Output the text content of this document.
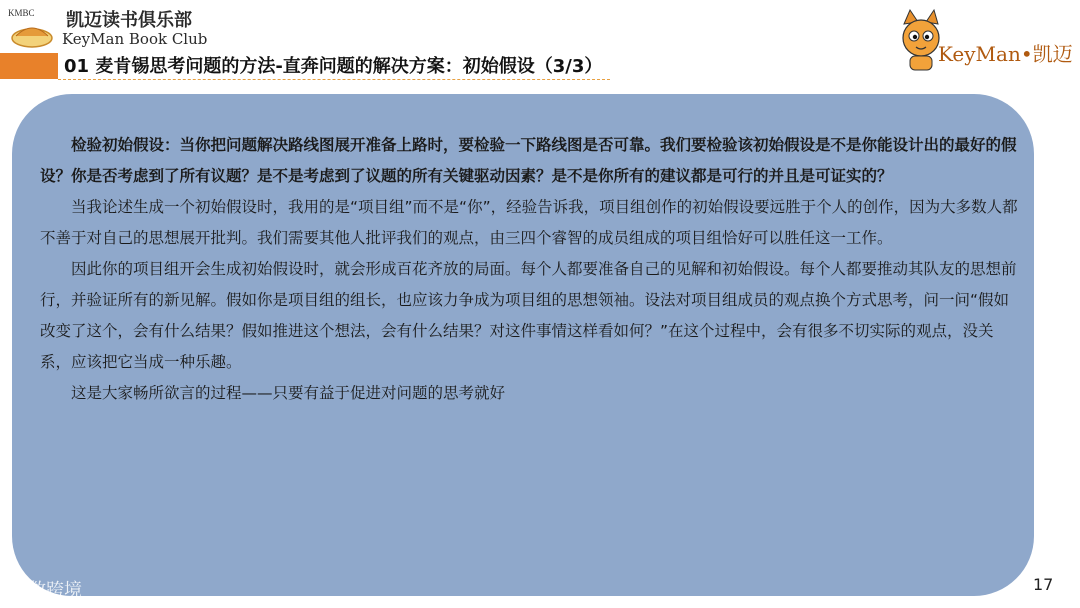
KMBC 凯迈读书俱乐部
KeyMan Book Club
01 麦肯锡思考问题的方法-直奔问题的解决方案：初始假设（3/3）
KeyMan•凯迈

检验初始假设：当你把问题解决路线图展开准备上路时，要检验一下路线图是否可靠。我们要检验该初始假设是不是你能设计出的最好的假设？你是否考虑到了所有议题？是不是考虑到了议题的所有关键驱动因素？是不是你所有的建议都是可行的并且是可证实的？

当我论述生成一个初始假设时，我用的是“项目组”而不是“你”，经验告诉我，项目组创作的初始假设要远胜于个人的创作，因为大多数人都不善于对自己的思想展开批判。我们需要其他人批评我们的观点，由三四个睿智的成员组成的项目组恰好可以胜任这一工作。

因此你的项目组开会生成初始假设时，就会形成百花齐放的局面。每个人都要准备自己的见解和初始假设。每个人都要推动其队友的思想前行，并验证所有的新见解。假如你是项目组的组长，也应该力争成为项目组的思想领袖。设法对项目组成员的观点换个方式思考，问一问“假如改变了这个，会有什么结果？假如推进这个想法，会有什么结果？对这件事情这样看如何？”在这个过程中，会有很多不切实际的观点，没关系，应该把它当成一种乐趣。

这是大家畅所欲言的过程——只要有益于促进对问题的思考就好

大数跨境	17
